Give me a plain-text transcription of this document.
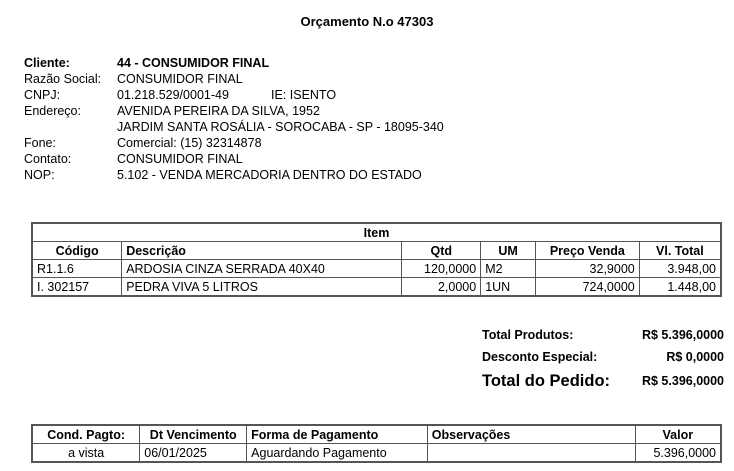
Orçamento N.o 47303
Cliente:	44 - CONSUMIDOR FINAL
Razão Social: CONSUMIDOR FINAL
CNPJ:	01.218.529/0001-49	IE: ISENTO
Endereço:	AVENIDA PEREIRA DA SILVA, 1952
JARDIM SANTA ROSÁLIA - SOROCABA - SP - 18095-340
Fone:	Comercial: (15) 32314878
Contato:	CONSUMIDOR FINAL
NOP:	5.102 - VENDA MERCADORIA DENTRO DO ESTADO
Item					
Código	Descrição	Qtd	UM	Preço Venda	Vl. Total
R1.1.6	ARDOSIA CINZA SERRADA 40X40	120,0000	M2	32,9000	3.948,00
I. 302157	PEDRA VIVA 5 LITROS	2,0000	1UN	724,0000	1.448,00
Total Produtos:	R$ 5.396,0000
Desconto Especial:	R$ 0,0000
Total do Pedido:	R$ 5.396,0000
Cond. Pagto:	Dt Vencimento	Forma de Pagamento	Observações	Valor
a vista	06/01/2025	Aguardando Pagamento		5.396,0000
